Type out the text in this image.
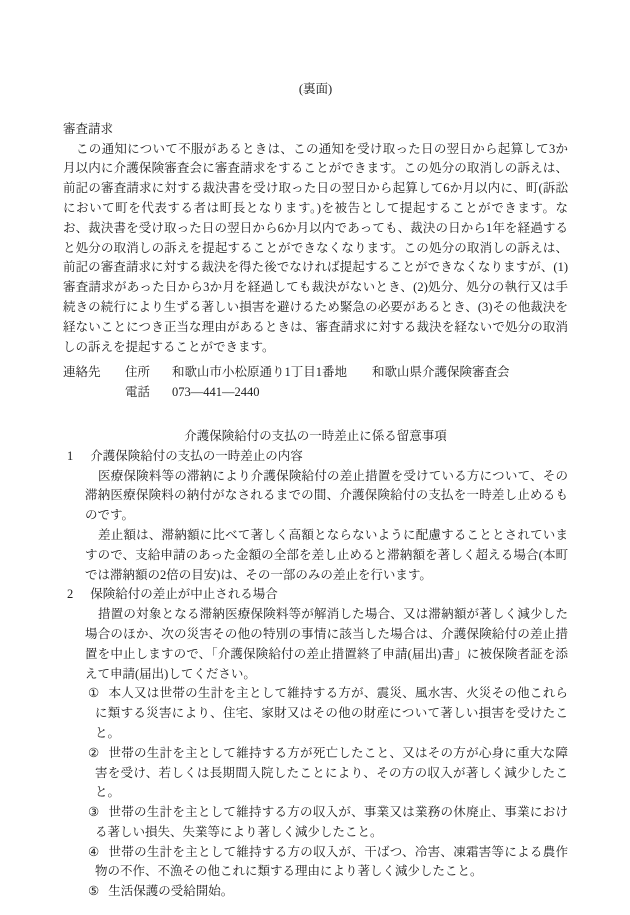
(裏面)
審査請求
この通知について不服があるときは、この通知を受け取った日の翌日から起算して3か月以内に介護保険審査会に審査請求をすることができます。この処分の取消しの訴えは、前記の審査請求に対する裁決書を受け取った日の翌日から起算して6か月以内に、町(訴訟において町を代表する者は町長となります。)を被告として提起することができます。なお、裁決書を受け取った日の翌日から6か月以内であっても、裁決の日から1年を経過すると処分の取消しの訴えを提起することができなくなります。この処分の取消しの訴えは、前記の審査請求に対する裁決を得た後でなければ提起することができなくなりますが、(1)審査請求があった日から3か月を経過しても裁決がないとき、(2)処分、処分の執行又は手続きの続行により生ずる著しい損害を避けるため緊急の必要があるとき、(3)その他裁決を経ないことにつき正当な理由があるときは、審査請求に対する裁決を経ないで処分の取消しの訴えを提起することができます。
連絡先	住所	和歌山市小松原通り1丁目1番地	和歌山県介護保険審査会
電話	073―441―2440
介護保険給付の支払の一時差止に係る留意事項
1 介護保険給付の支払の一時差止の内容
医療保険料等の滞納により介護保険給付の差止措置を受けている方について、その滞納医療保険料の納付がなされるまでの間、介護保険給付の支払を一時差し止めるものです。
差止額は、滞納額に比べて著しく高額とならないように配慮することとされていますので、支給申請のあった金額の全部を差し止めると滞納額を著しく超える場合(本町では滞納額の2倍の目安)は、その一部のみの差止を行います。
2 保険給付の差止が中止される場合
措置の対象となる滞納医療保険料等が解消した場合、又は滞納額が著しく減少した場合のほか、次の災害その他の特別の事情に該当した場合は、介護保険給付の差止措置を中止しますので、「介護保険給付の差止措置終了申請(届出)書」に被保険者証を添えて申請(届出)してください。
① 本人又は世帯の生計を主として維持する方が、震災、風水害、火災その他これらに類する災害により、住宅、家財又はその他の財産について著しい損害を受けたこと。
② 世帯の生計を主として維持する方が死亡したこと、又はその方が心身に重大な障害を受け、若しくは長期間入院したことにより、その方の収入が著しく減少したこと。
③ 世帯の生計を主として維持する方の収入が、事業又は業務の休廃止、事業における著しい損失、失業等により著しく減少したこと。
④ 世帯の生計を主として維持する方の収入が、干ばつ、冷害、凍霜害等による農作物の不作、不漁その他これに類する理由により著しく減少したこと。
⑤ 生活保護の受給開始。
